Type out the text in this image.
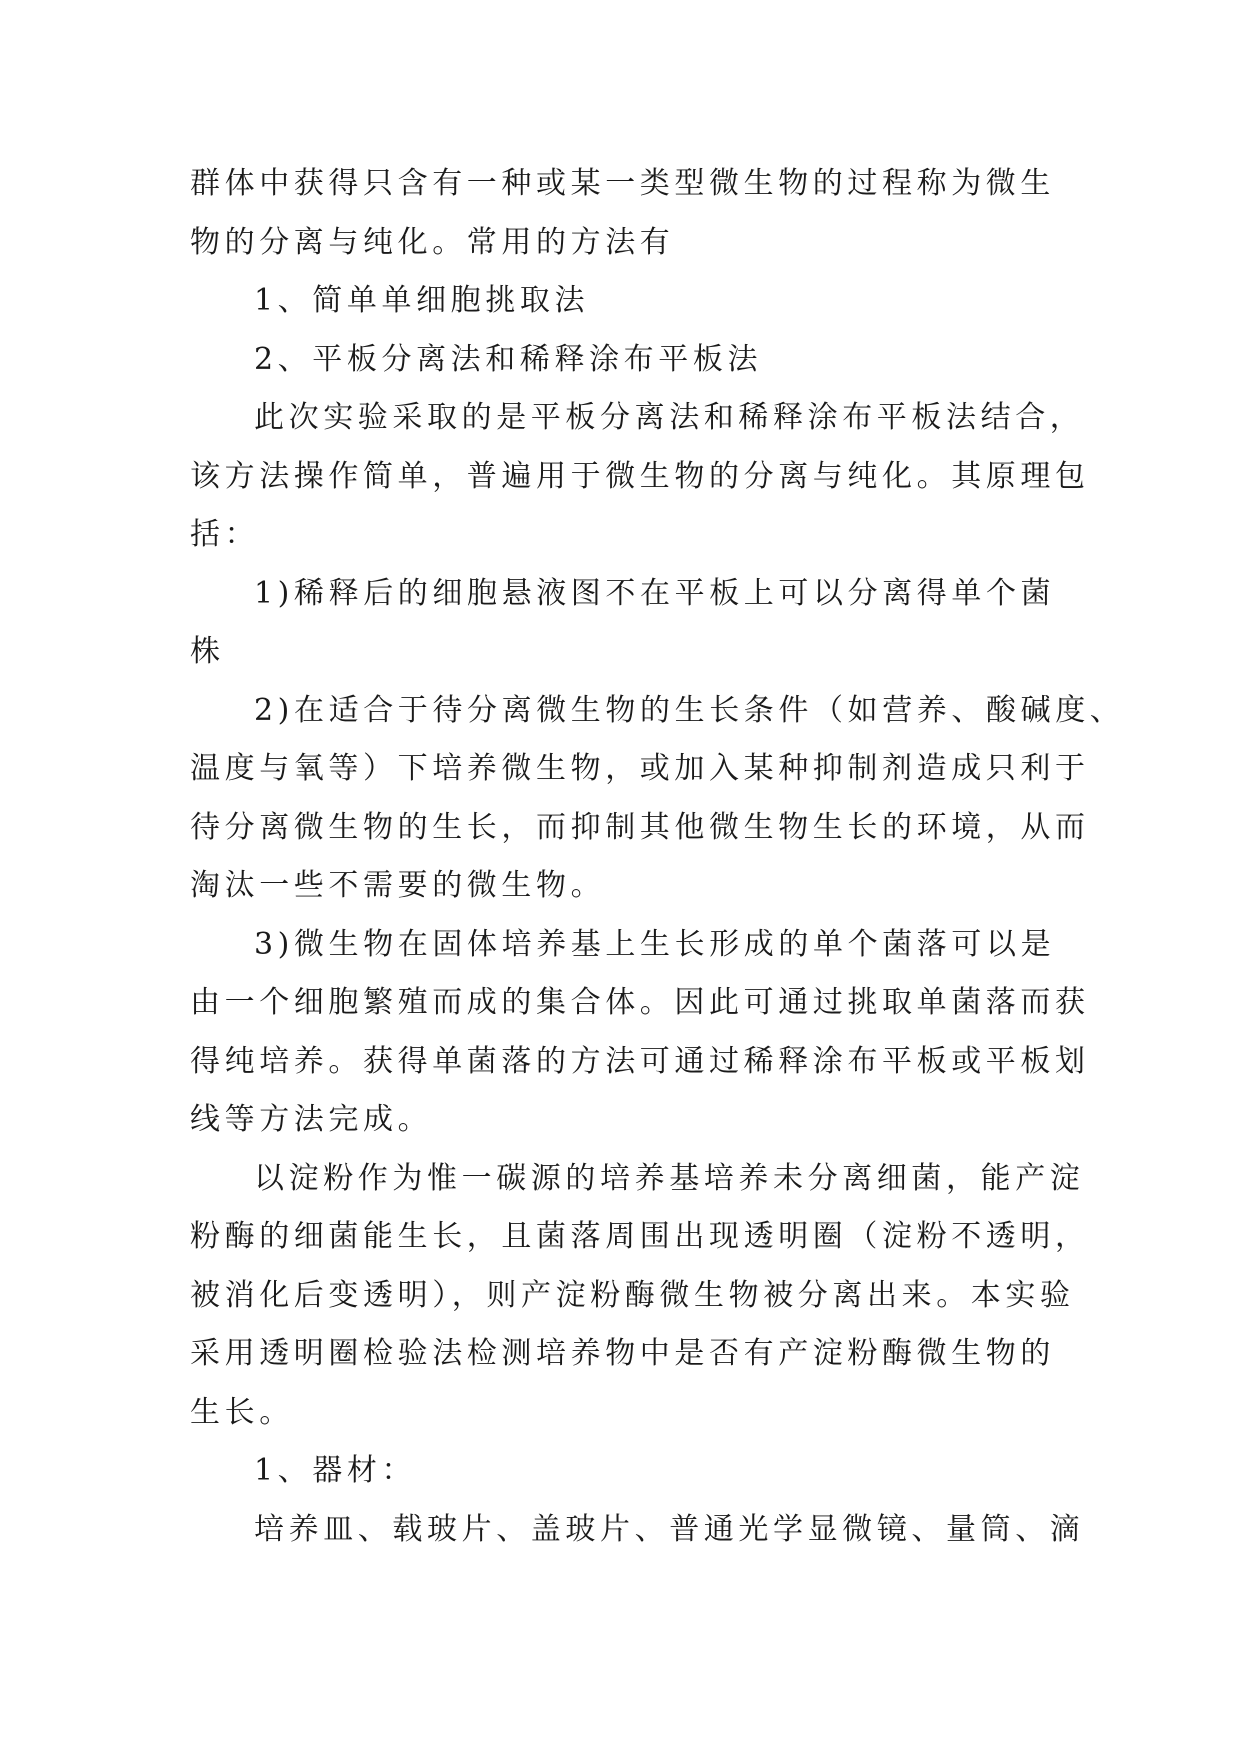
群体中获得只含有一种或某一类型微生物的过程称为微生
物的分离与纯化。常用的方法有
1、简单单细胞挑取法
2、平板分离法和稀释涂布平板法
此次实验采取的是平板分离法和稀释涂布平板法结合，
该方法操作简单，普遍用于微生物的分离与纯化。其原理包
括：
1)稀释后的细胞悬液图不在平板上可以分离得单个菌
株
2)在适合于待分离微生物的生长条件（如营养、酸碱度、
温度与氧等）下培养微生物，或加入某种抑制剂造成只利于
待分离微生物的生长，而抑制其他微生物生长的环境，从而
淘汰一些不需要的微生物。
3)微生物在固体培养基上生长形成的单个菌落可以是
由一个细胞繁殖而成的集合体。因此可通过挑取单菌落而获
得纯培养。获得单菌落的方法可通过稀释涂布平板或平板划
线等方法完成。
以淀粉作为惟一碳源的培养基培养未分离细菌，能产淀
粉酶的细菌能生长，且菌落周围出现透明圈（淀粉不透明，
被消化后变透明），则产淀粉酶微生物被分离出来。本实验
采用透明圈检验法检测培养物中是否有产淀粉酶微生物的
生长。
1、器材：
培养皿、载玻片、盖玻片、普通光学显微镜、量筒、滴
